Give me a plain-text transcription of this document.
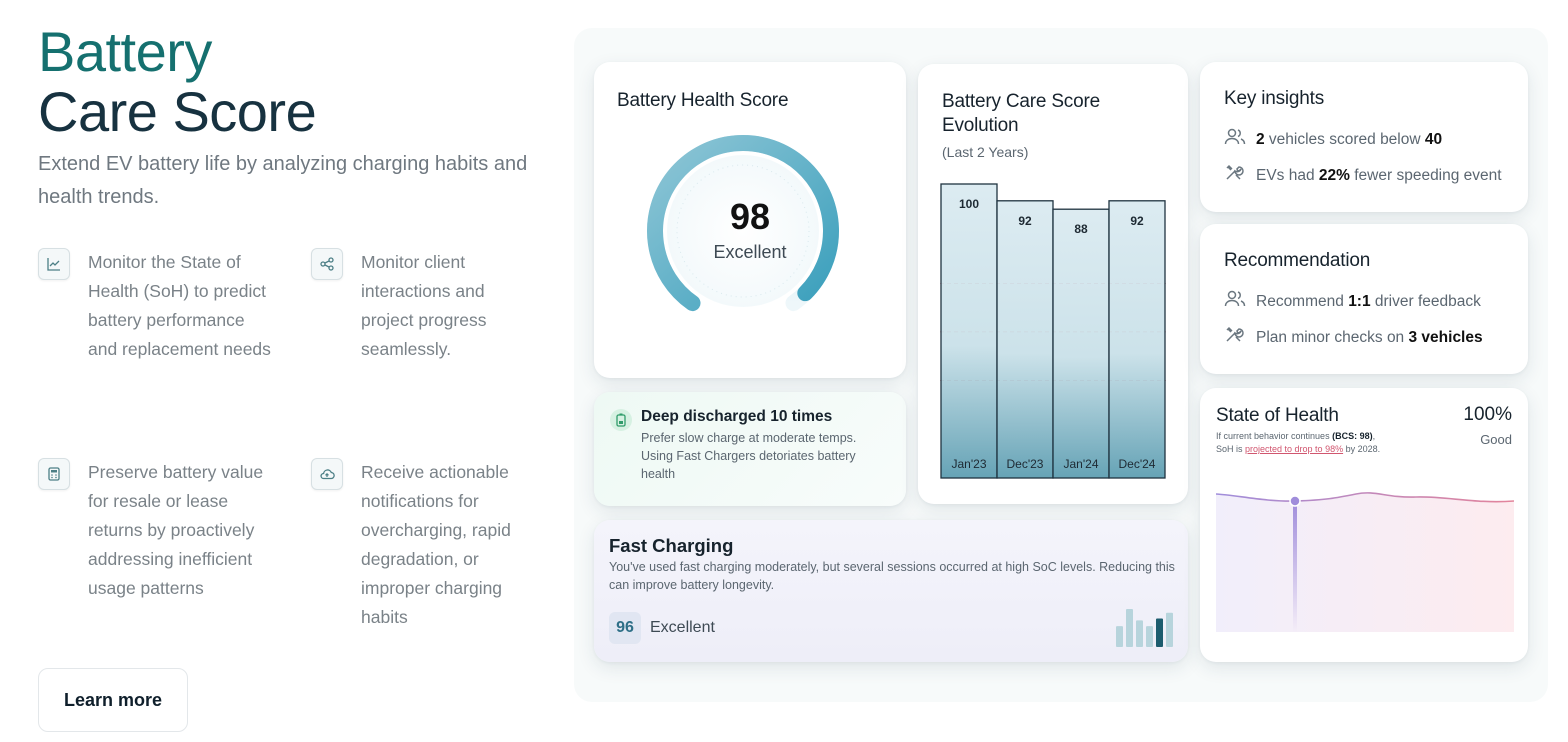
Battery
Care Score

Extend EV battery life by analyzing charging habits and health trends.

Monitor the State of Health (SoH) to predict battery performance and replacement needs
Monitor client interactions and project progress seamlessly.
Preserve battery value for resale or lease returns by proactively addressing inefficient usage patterns
Receive actionable notifications for overcharging, rapid degradation, or improper charging habits
Learn more
Battery Health Score
98
Excellent
Deep discharged 10 times
Prefer slow charge at moderate temps. Using Fast Chargers detoriates battery health
Battery Care Score Evolution
(Last 2 Years)
100
Jan'23
92
Dec'23
88
Jan'24
92
Dec'24
Fast Charging
You've used fast charging moderately, but several sessions occurred at high SoC levels. Reducing this can improve battery longevity.
96	Excellent
Key insights
2 vehicles scored below 40
EVs had 22% fewer speeding event
Recommendation
Recommend 1:1 driver feedback
Plan minor checks on 3 vehicles
State of Health	100%
Good
If current behavior continues (BCS: 98),
SoH is projected to drop to 98% by 2028.
